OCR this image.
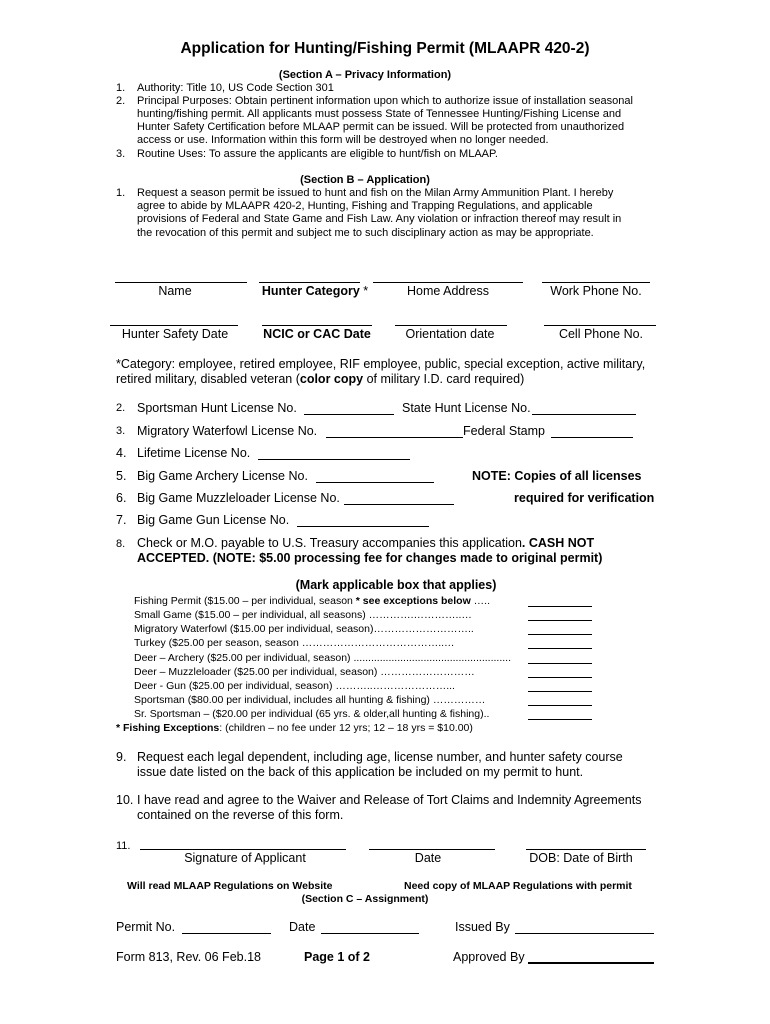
Application for Hunting/Fishing Permit (MLAAPR 420-2)
(Section A – Privacy Information)
1. Authority: Title 10, US Code Section 301
2. Principal Purposes: Obtain pertinent information upon which to authorize issue of installation seasonal
hunting/fishing permit. All applicants must possess State of Tennessee Hunting/Fishing License and
Hunter Safety Certification before MLAAP permit can be issued. Will be protected from unauthorized
access or use. Information within this form will be destroyed when no longer needed.
3. Routine Uses: To assure the applicants are eligible to hunt/fish on MLAAP.
(Section B – Application)
1. Request a season permit be issued to hunt and fish on the Milan Army Ammunition Plant. I hereby
agree to abide by MLAAPR 420-2, Hunting, Fishing and Trapping Regulations, and applicable
provisions of Federal and State Game and Fish Law. Any violation or infraction thereof may result in
the revocation of this permit and subject me to such disciplinary action as may be appropriate.
Name	Hunter Category *	Home Address	Work Phone No.
Hunter Safety Date	NCIC or CAC Date	Orientation date	Cell Phone No.
*Category: employee, retired employee, RIF employee, public, special exception, active military,
retired military, disabled veteran (color copy of military I.D. card required)
2. Sportsman Hunt License No.	State Hunt License No.
3. Migratory Waterfowl License No.	Federal Stamp
4. Lifetime License No.
5. Big Game Archery License No.	NOTE: Copies of all licenses
6. Big Game Muzzleloader License No.	required for verification
7. Big Game Gun License No.
8. Check or M.O. payable to U.S. Treasury accompanies this application. CASH NOT
ACCEPTED. (NOTE: $5.00 processing fee for changes made to original permit)
(Mark applicable box that applies)
Fishing Permit ($15.00 – per individual, season * see exceptions below …..
Small Game ($15.00 – per individual, all seasons) ………….…………..…
Migratory Waterfowl ($15.00 per individual, season)………………………..
Turkey ($25.00 per season, season …………………………………..…
Deer – Archery ($25.00 per individual, season) ......................................................
Deer – Muzzleloader ($25.00 per individual, season) ………………………
Deer - Gun ($25.00 per individual, season) ………..…………………...
Sportsman ($80.00 per individual, includes all hunting & fishing) ……………
Sr. Sportsman – ($20.00 per individual (65 yrs. & older,all hunting & fishing)..
* Fishing Exceptions: (children – no fee under 12 yrs; 12 – 18 yrs = $10.00)
9. Request each legal dependent, including age, license number, and hunter safety course
issue date listed on the back of this application be included on my permit to hunt.
10. I have read and agree to the Waiver and Release of Tort Claims and Indemnity Agreements
contained on the reverse of this form.
11.
Signature of Applicant	Date	DOB: Date of Birth
Will read MLAAP Regulations on Website	Need copy of MLAAP Regulations with permit
(Section C – Assignment)
Permit No.	Date	Issued By
Form 813, Rev. 06 Feb.18	Page 1 of 2	Approved By
